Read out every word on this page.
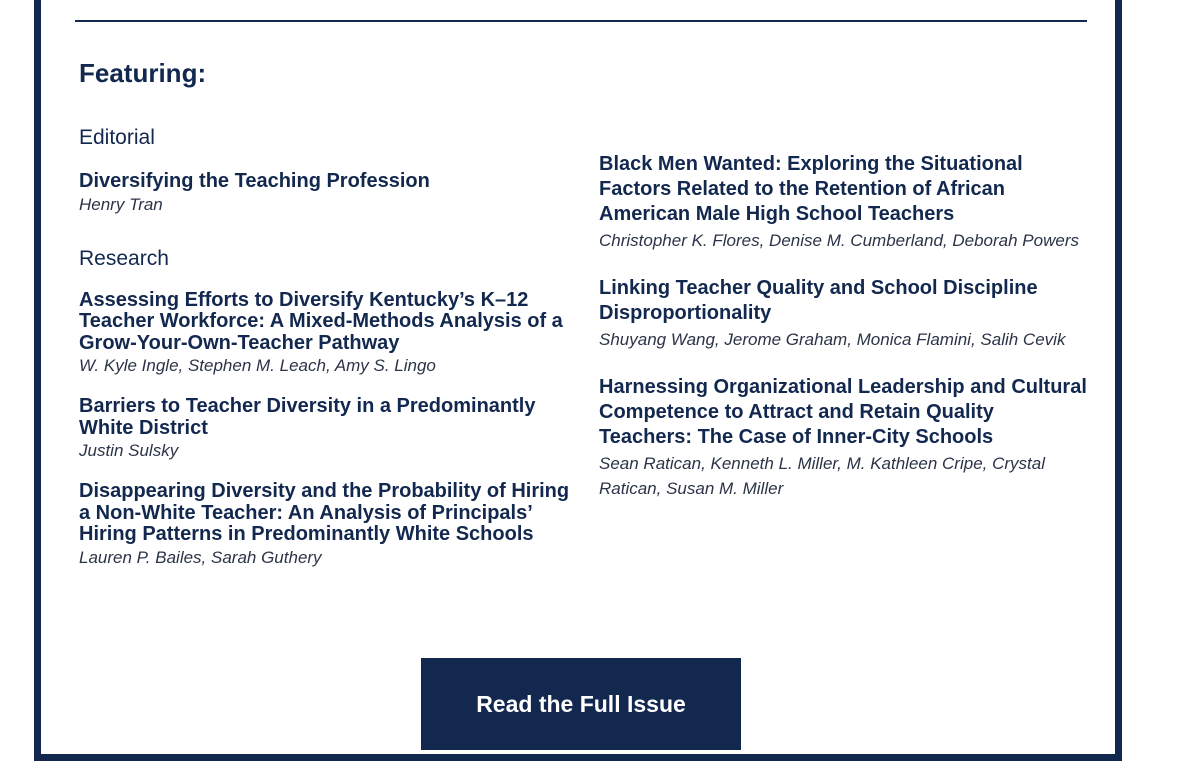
Featuring:

Editorial

Diversifying the Teaching Profession

Henry Tran

Research

Assessing Efforts to Diversify Kentucky’s K–12 Teacher Workforce: A Mixed-Methods Analysis of a Grow-Your-Own-Teacher Pathway

W. Kyle Ingle, Stephen M. Leach, Amy S. Lingo

Barriers to Teacher Diversity in a Predominantly White District

Justin Sulsky

Disappearing Diversity and the Probability of Hiring a Non-White Teacher: An Analysis of Principals’ Hiring Patterns in Predominantly White Schools

Lauren P. Bailes, Sarah Guthery

Black Men Wanted: Exploring the Situational Factors Related to the Retention of African American Male High School Teachers

Christopher K. Flores, Denise M. Cumberland, Deborah Powers

Linking Teacher Quality and School Discipline Disproportionality

Shuyang Wang, Jerome Graham, Monica Flamini, Salih Cevik

Harnessing Organizational Leadership and Cultural Competence to Attract and Retain Quality Teachers: The Case of Inner-City Schools

Sean Ratican, Kenneth L. Miller, M. Kathleen Cripe, Crystal Ratican, Susan M. Miller

Read the Full Issue
